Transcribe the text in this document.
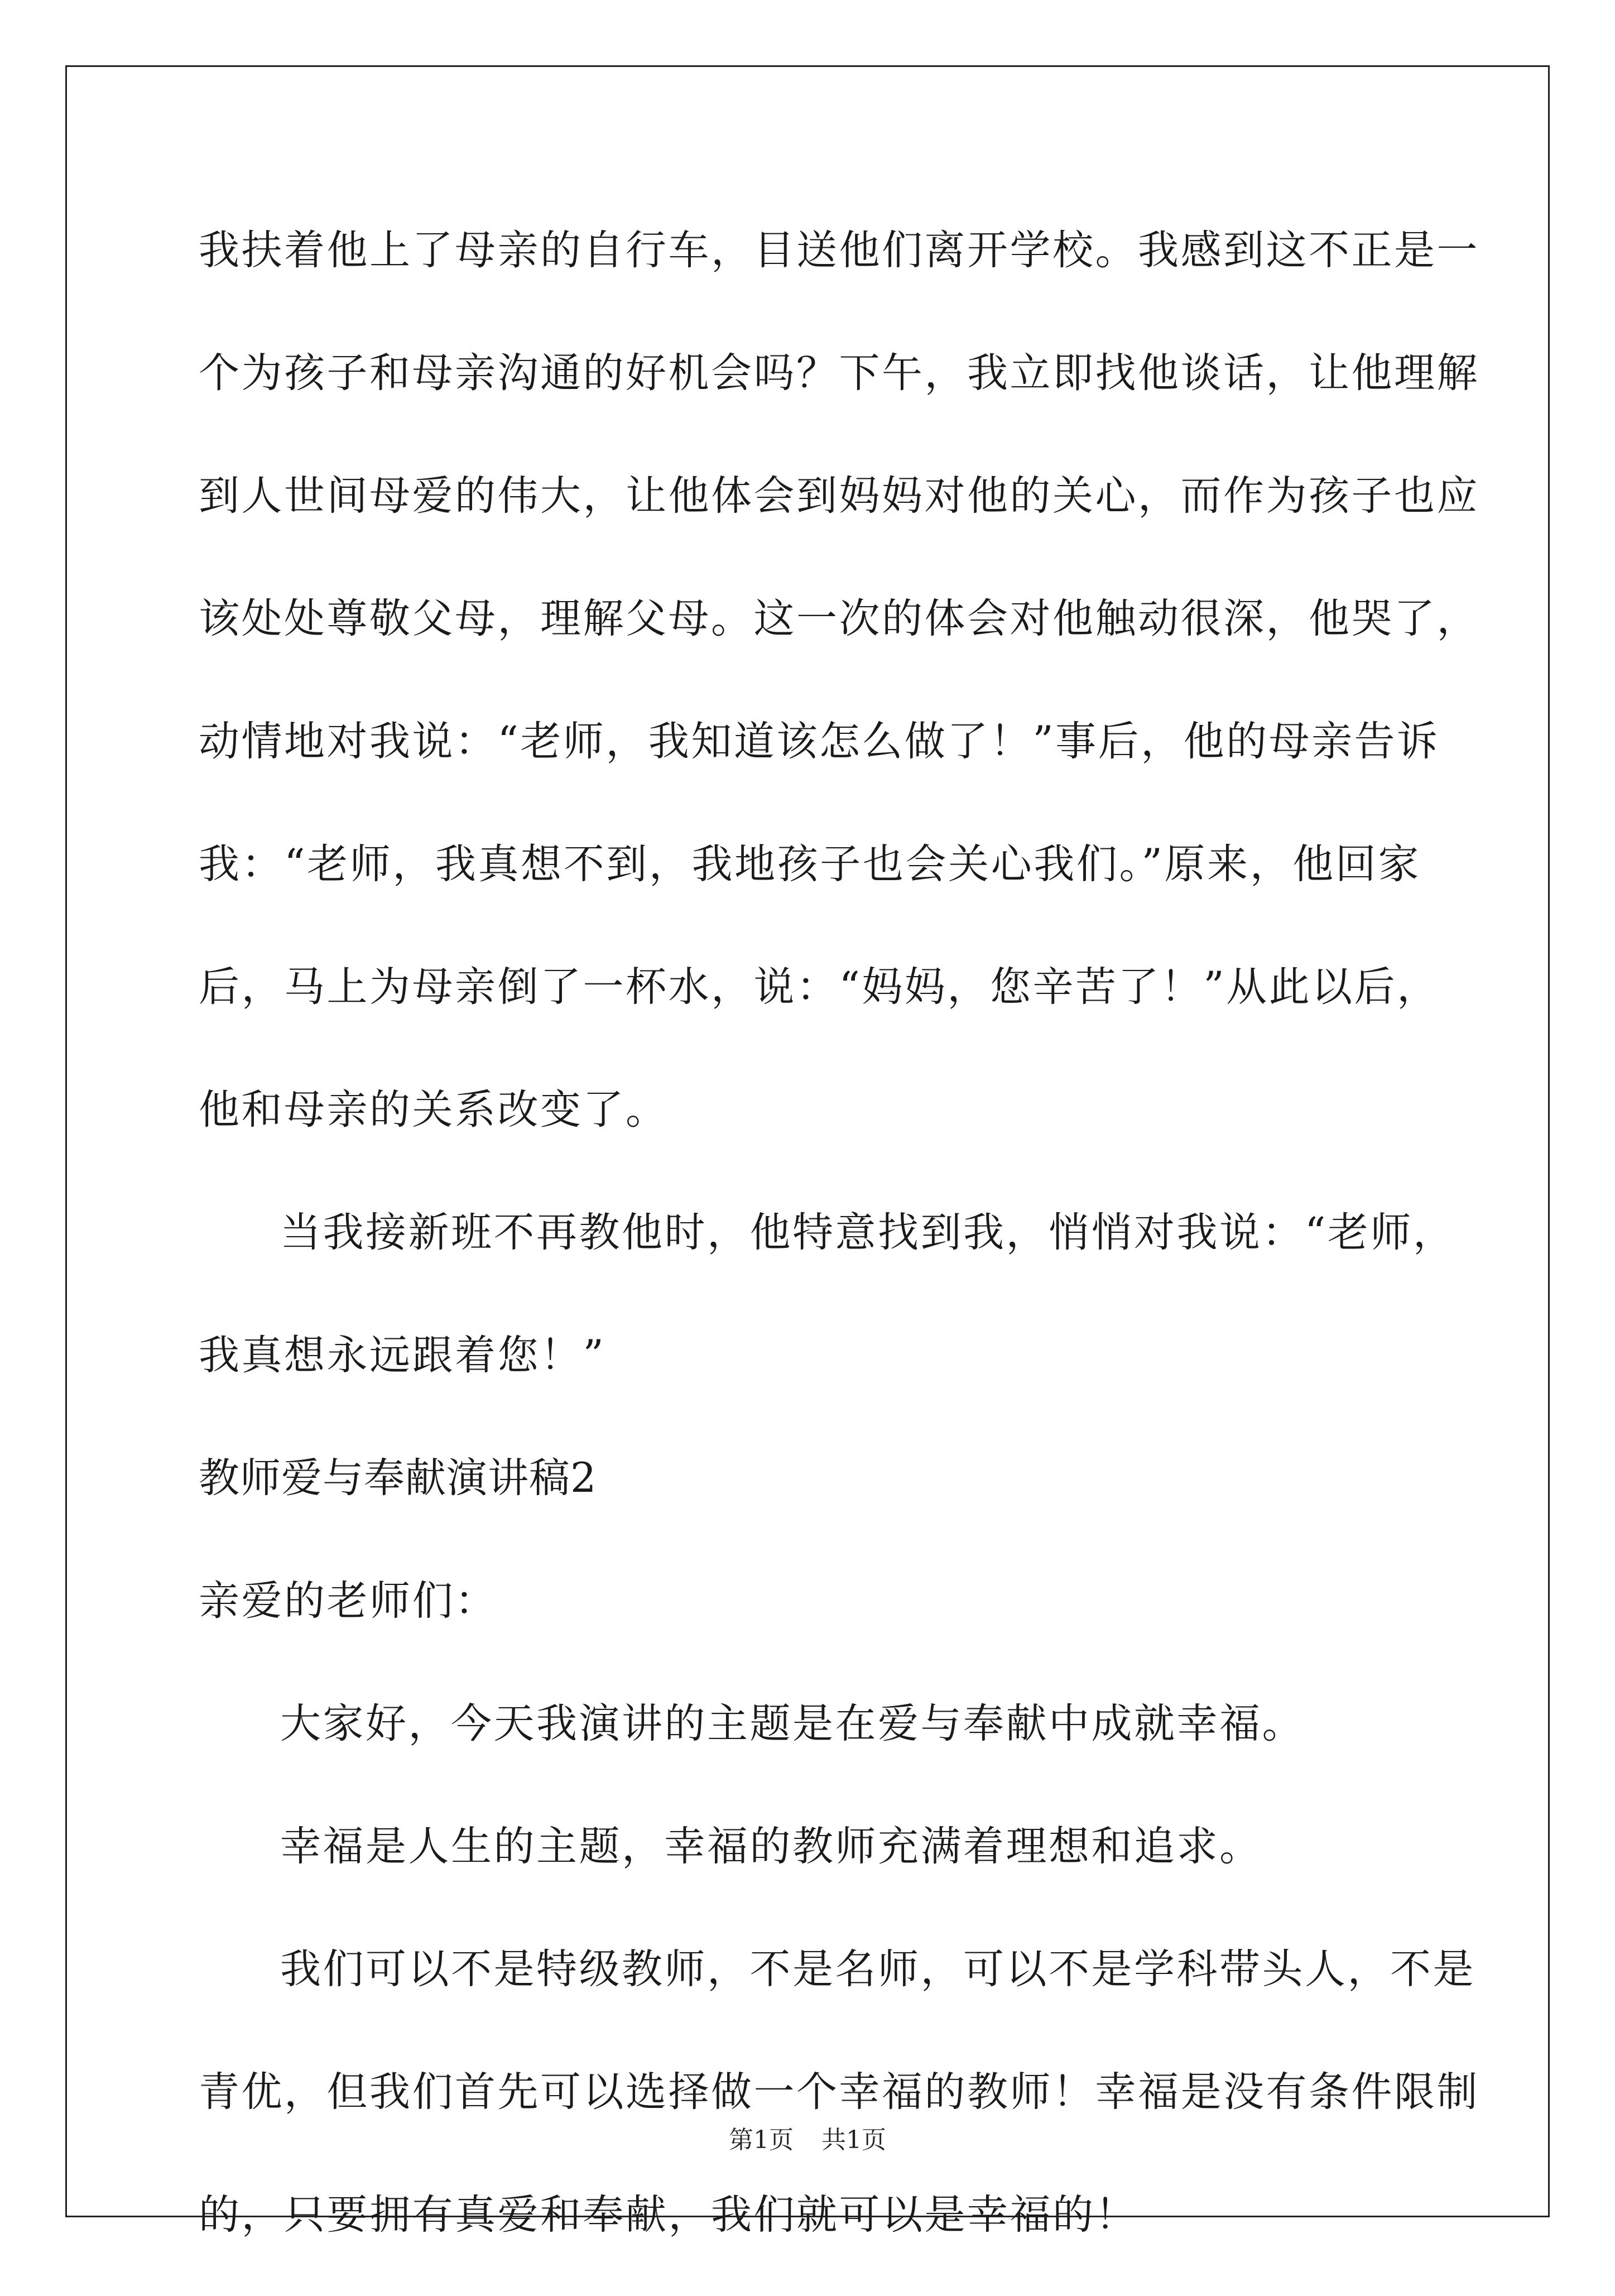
我扶着他上了母亲的自行车，目送他们离开学校。我感到这不正是一
个为孩子和母亲沟通的好机会吗？下午，我立即找他谈话，让他理解
到人世间母爱的伟大，让他体会到妈妈对他的关心，而作为孩子也应
该处处尊敬父母，理解父母。这一次的体会对他触动很深，他哭了，
动情地对我说：“老师，我知道该怎么做了！”事后，他的母亲告诉
我：“老师，我真想不到，我地孩子也会关心我们。”原来，他回家
后，马上为母亲倒了一杯水，说：“妈妈，您辛苦了！”从此以后，
他和母亲的关系改变了。
当我接新班不再教他时，他特意找到我，悄悄对我说：“老师，
我真想永远跟着您！”
教师爱与奉献演讲稿2
亲爱的老师们：
大家好，今天我演讲的主题是在爱与奉献中成就幸福。
幸福是人生的主题，幸福的教师充满着理想和追求。
我们可以不是特级教师，不是名师，可以不是学科带头人，不是
青优，但我们首先可以选择做一个幸福的教师！幸福是没有条件限制
的，只要拥有真爱和奉献，我们就可以是幸福的！
第1页 共1页
